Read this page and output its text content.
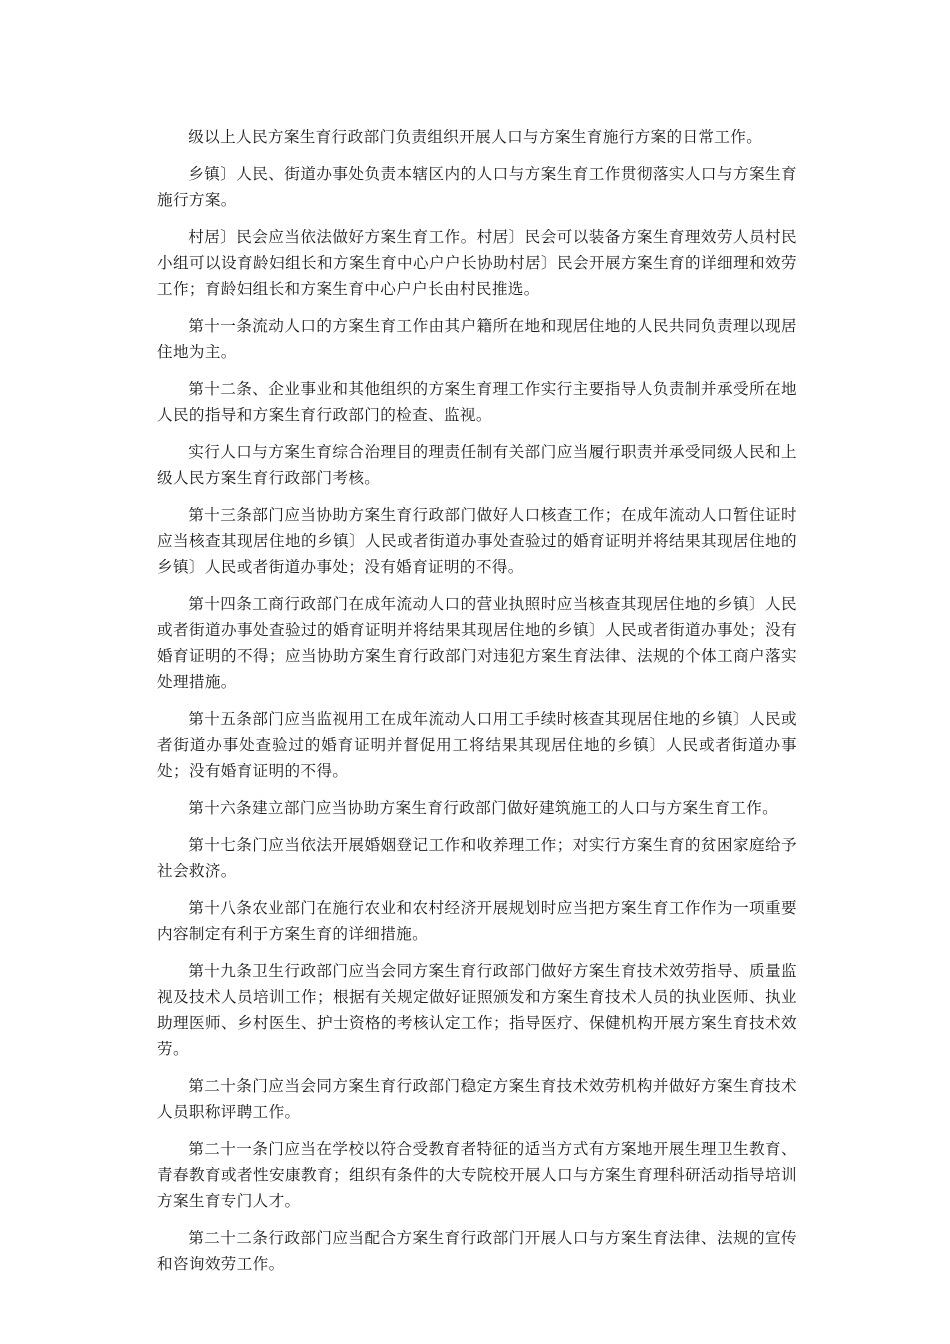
级以上人民方案生育行政部门负责组织开展人口与方案生育施行方案的日常工作。

乡镇〕人民、街道办事处负责本辖区内的人口与方案生育工作贯彻落实人口与方案生育施行方案。

村居〕民会应当依法做好方案生育工作。村居〕民会可以装备方案生育理效劳人员村民小组可以设育龄妇组长和方案生育中心户户长协助村居〕民会开展方案生育的详细理和效劳工作；育龄妇组长和方案生育中心户户长由村民推选。

第十一条流动人口的方案生育工作由其户籍所在地和现居住地的人民共同负责理以现居住地为主。

第十二条、企业事业和其他组织的方案生育理工作实行主要指导人负责制并承受所在地人民的指导和方案生育行政部门的检查、监视。

实行人口与方案生育综合治理目的理责任制有关部门应当履行职责并承受同级人民和上级人民方案生育行政部门考核。

第十三条部门应当协助方案生育行政部门做好人口核查工作；在成年流动人口暂住证时应当核查其现居住地的乡镇〕人民或者街道办事处查验过的婚育证明并将结果其现居住地的乡镇〕人民或者街道办事处；没有婚育证明的不得。

第十四条工商行政部门在成年流动人口的营业执照时应当核查其现居住地的乡镇〕人民或者街道办事处查验过的婚育证明并将结果其现居住地的乡镇〕人民或者街道办事处；没有婚育证明的不得；应当协助方案生育行政部门对违犯方案生育法律、法规的个体工商户落实处理措施。

第十五条部门应当监视用工在成年流动人口用工手续时核查其现居住地的乡镇〕人民或者街道办事处查验过的婚育证明并督促用工将结果其现居住地的乡镇〕人民或者街道办事处；没有婚育证明的不得。

第十六条建立部门应当协助方案生育行政部门做好建筑施工的人口与方案生育工作。

第十七条门应当依法开展婚姻登记工作和收养理工作；对实行方案生育的贫困家庭给予社会救济。

第十八条农业部门在施行农业和农村经济开展规划时应当把方案生育工作作为一项重要内容制定有利于方案生育的详细措施。

第十九条卫生行政部门应当会同方案生育行政部门做好方案生育技术效劳指导、质量监视及技术人员培训工作；根据有关规定做好证照颁发和方案生育技术人员的执业医师、执业助理医师、乡村医生、护士资格的考核认定工作；指导医疗、保健机构开展方案生育技术效劳。

第二十条门应当会同方案生育行政部门稳定方案生育技术效劳机构并做好方案生育技术人员职称评聘工作。

第二十一条门应当在学校以符合受教育者特征的适当方式有方案地开展生理卫生教育、青春教育或者性安康教育；组织有条件的大专院校开展人口与方案生育理科研活动指导培训方案生育专门人才。

第二十二条行政部门应当配合方案生育行政部门开展人口与方案生育法律、法规的宣传和咨询效劳工作。
